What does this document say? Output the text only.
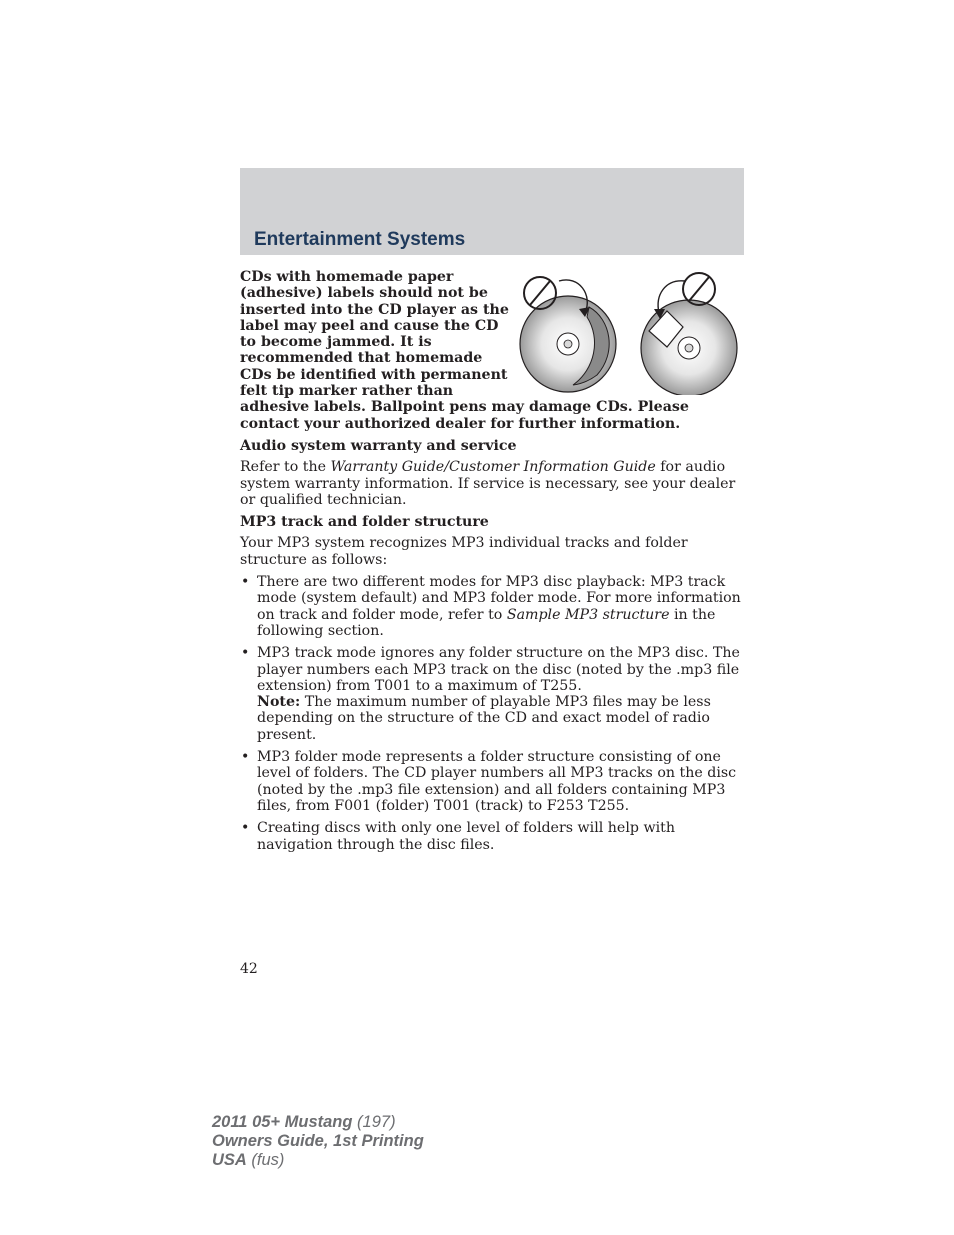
Entertainment Systems

CDs with homemade paper (adhesive) labels should not be inserted into the CD player as the label may peel and cause the CD to become jammed. It is recommended that homemade CDs be identified with permanent felt tip marker rather than adhesive labels. Ballpoint pens may damage CDs. Please contact your authorized dealer for further information.

Audio system warranty and service

Refer to the Warranty Guide/Customer Information Guide for audio system warranty information. If service is necessary, see your dealer or qualified technician.

MP3 track and folder structure

Your MP3 system recognizes MP3 individual tracks and folder structure as follows:

• There are two different modes for MP3 disc playback: MP3 track mode (system default) and MP3 folder mode. For more information on track and folder mode, refer to Sample MP3 structure in the following section.
• MP3 track mode ignores any folder structure on the MP3 disc. The player numbers each MP3 track on the disc (noted by the .mp3 file extension) from T001 to a maximum of T255.
Note: The maximum number of playable MP3 files may be less depending on the structure of the CD and exact model of radio present.
• MP3 folder mode represents a folder structure consisting of one level of folders. The CD player numbers all MP3 tracks on the disc (noted by the .mp3 file extension) and all folders containing MP3 files, from F001 (folder) T001 (track) to F253 T255.
• Creating discs with only one level of folders will help with navigation through the disc files.
42
2011 05+ Mustang (197)
Owners Guide, 1st Printing
USA (fus)
